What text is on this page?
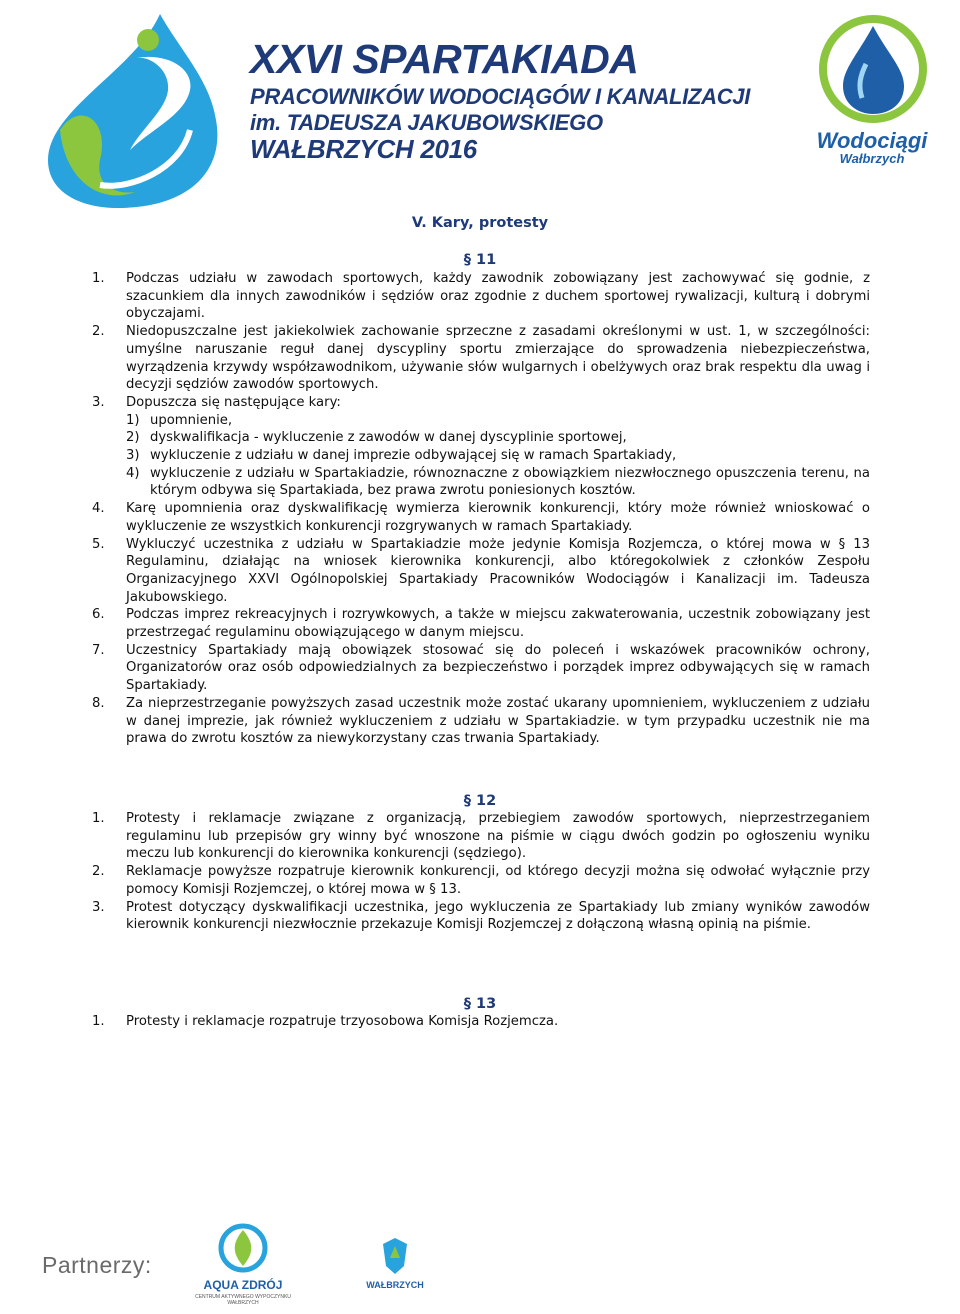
XXVI SPARTAKIADA

PRACOWNIKÓW WODOCIĄGÓW I KANALIZACJI

im. TADEUSZA JAKUBOWSKIEGO

WAŁBRZYCH 2016	Wodociągi

Wałbrzych

V. Kary, protesty
§ 11
1. Podczas udziału w zawodach sportowych, każdy zawodnik zobowiązany jest zachowywać się godnie, z szacunkiem dla innych zawodników i sędziów oraz zgodnie z duchem sportowej rywalizacji, kulturą i dobrymi obyczajami.
2. Niedopuszczalne jest jakiekolwiek zachowanie sprzeczne z zasadami określonymi w ust. 1, w szczególności: umyślne naruszanie reguł danej dyscypliny sportu zmierzające do sprowadzenia niebezpieczeństwa, wyrządzenia krzywdy współzawodnikom, używanie słów wulgarnych i obelżywych oraz brak respektu dla uwag i decyzji sędziów zawodów sportowych.
3. Dopuszcza się następujące kary:
1) upomnienie,
2) dyskwalifikacja - wykluczenie z zawodów w danej dyscyplinie sportowej,
3) wykluczenie z udziału w danej imprezie odbywającej się w ramach Spartakiady,
4) wykluczenie z udziału w Spartakiadzie, równoznaczne z obowiązkiem niezwłocznego opuszczenia terenu, na którym odbywa się Spartakiada, bez prawa zwrotu poniesionych kosztów.
4. Karę upomnienia oraz dyskwalifikację wymierza kierownik konkurencji, który może również wnioskować o wykluczenie ze wszystkich konkurencji rozgrywanych w ramach Spartakiady.
5. Wykluczyć uczestnika z udziału w Spartakiadzie może jedynie Komisja Rozjemcza, o której mowa w § 13 Regulaminu, działając na wniosek kierownika konkurencji, albo któregokolwiek z członków Zespołu Organizacyjnego XXVI Ogólnopolskiej Spartakiady Pracowników Wodociągów i Kanalizacji im. Tadeusza Jakubowskiego.
6. Podczas imprez rekreacyjnych i rozrywkowych, a także w miejscu zakwaterowania, uczestnik zobowiązany jest przestrzegać regulaminu obowiązującego w danym miejscu.
7. Uczestnicy Spartakiady mają obowiązek stosować się do poleceń i wskazówek pracowników ochrony, Organizatorów oraz osób odpowiedzialnych za bezpieczeństwo i porządek imprez odbywających się w ramach Spartakiady.
8. Za nieprzestrzeganie powyższych zasad uczestnik może zostać ukarany upomnieniem, wykluczeniem z udziału w danej imprezie, jak również wykluczeniem z udziału w Spartakiadzie. w tym przypadku uczestnik nie ma prawa do zwrotu kosztów za niewykorzystany czas trwania Spartakiady.
§ 12
1. Protesty i reklamacje związane z organizacją, przebiegiem zawodów sportowych, nieprzestrzeganiem regulaminu lub przepisów gry winny być wnoszone na piśmie w ciągu dwóch godzin po ogłoszeniu wyniku meczu lub konkurencji do kierownika konkurencji (sędziego).
2. Reklamacje powyższe rozpatruje kierownik konkurencji, od którego decyzji można się odwołać wyłącznie przy pomocy Komisji Rozjemczej, o której mowa w § 13.
3. Protest dotyczący dyskwalifikacji uczestnika, jego wykluczenia ze Spartakiady lub zmiany wyników zawodów kierownik konkurencji niezwłocznie przekazuje Komisji Rozjemczej z dołączoną własną opinią na piśmie.
§ 13
1. Protesty i reklamacje rozpatruje trzyosobowa Komisja Rozjemcza.

Partnerzy:

AQUA ZDRÓJ

CENTRUM AKTYWNEGO WYPOCZYNKU WAŁBRZYCH

WAŁBRZYCH
